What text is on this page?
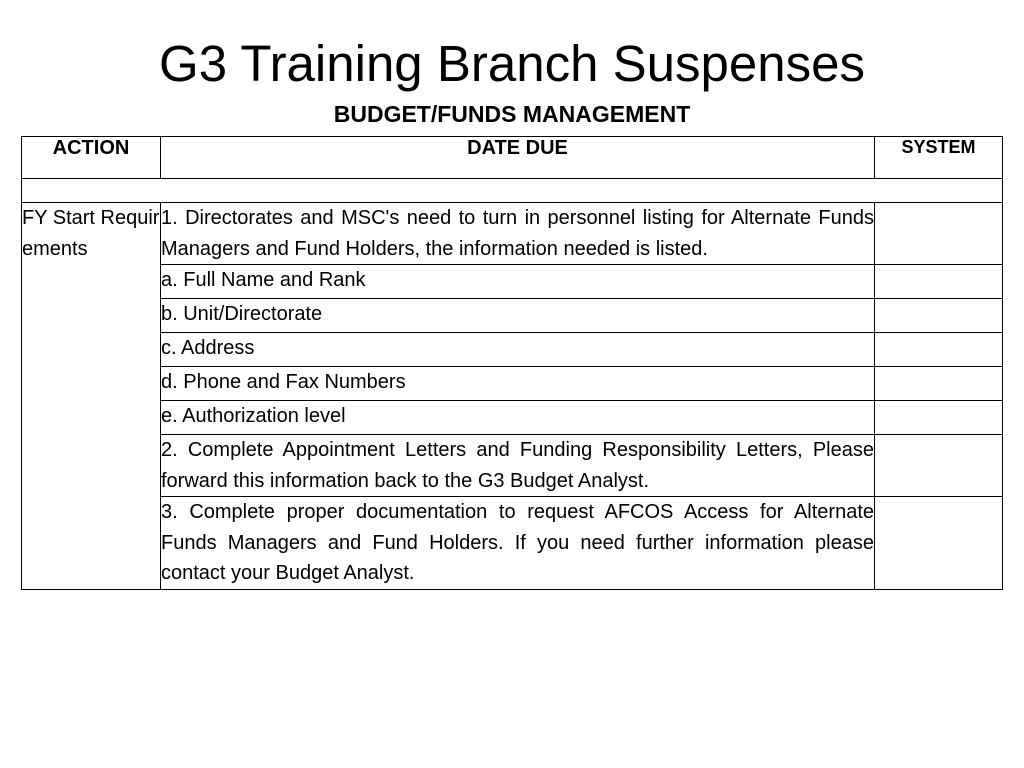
G3 Training Branch Suspenses
BUDGET/FUNDS MANAGEMENT
ACTION	DATE DUE	SYSTEM

FY Start Requirements	1. Directorates and MSC's need to turn in personnel listing for Alternate Funds Managers and Fund Holders, the information needed is listed.	
	a. Full Name and Rank	
	b. Unit/Directorate	
	c. Address	
	d. Phone and Fax Numbers	
	e. Authorization level	
	2. Complete Appointment Letters and Funding Responsibility Letters, Please forward this information back to the G3 Budget Analyst.	
	3. Complete proper documentation to request AFCOS Access for Alternate Funds Managers and Fund Holders. If you need further information please contact your Budget Analyst.	
